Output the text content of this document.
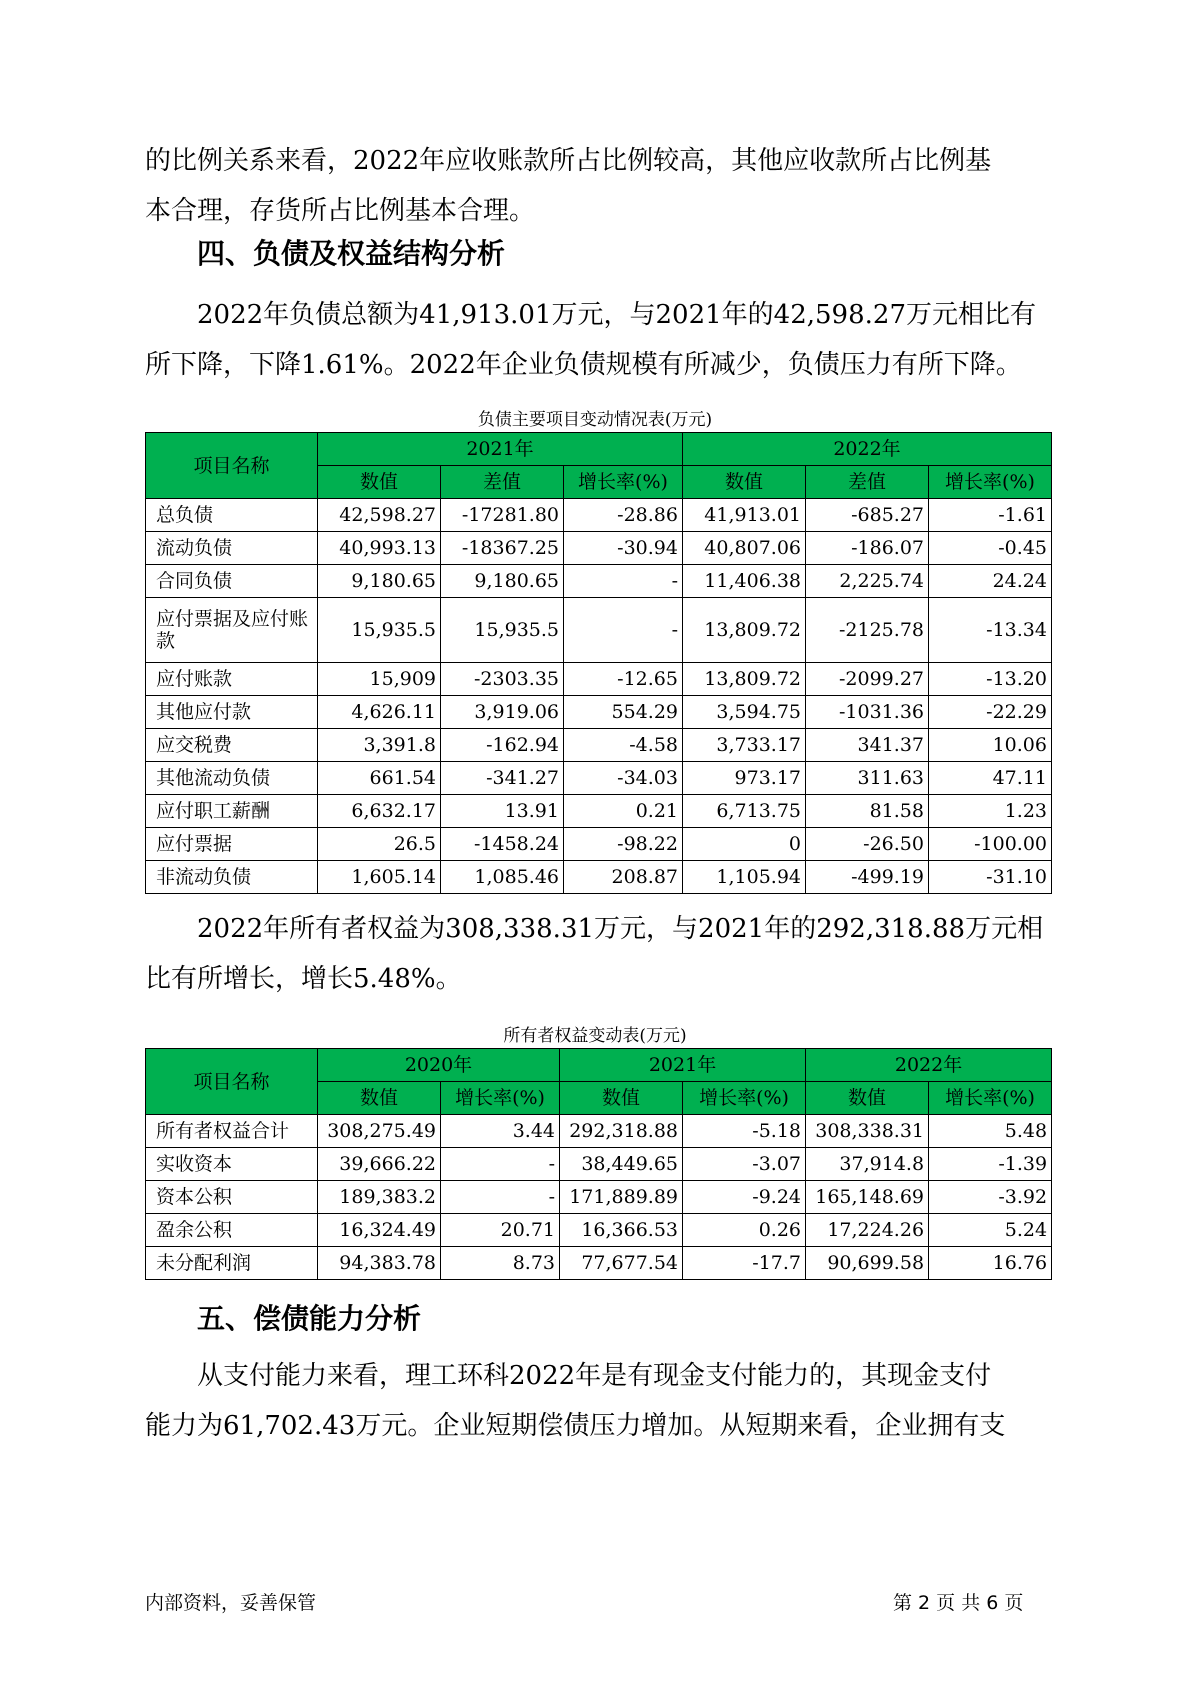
的比例关系来看，2022年应收账款所占比例较高，其他应收款所占比例基
本合理，存货所占比例基本合理。

四、负债及权益结构分析

2022年负债总额为41,913.01万元，与2021年的42,598.27万元相比有
所下降，下降1.61%。2022年企业负债规模有所减少，负债压力有所下降。

负债主要项目变动情况表(万元)

项目名称	2021年			2022年		
	数值	差值	增长率(%)	数值	差值	增长率(%)
总负债	42,598.27	-17281.80	-28.86	41,913.01	-685.27	-1.61
流动负债	40,993.13	-18367.25	-30.94	40,807.06	-186.07	-0.45
合同负债	9,180.65	9,180.65	-	11,406.38	2,225.74	24.24
应付票据及应付账款	15,935.5	15,935.5	-	13,809.72	-2125.78	-13.34
应付账款	15,909	-2303.35	-12.65	13,809.72	-2099.27	-13.20
其他应付款	4,626.11	3,919.06	554.29	3,594.75	-1031.36	-22.29
应交税费	3,391.8	-162.94	-4.58	3,733.17	341.37	10.06
其他流动负债	661.54	-341.27	-34.03	973.17	311.63	47.11
应付职工薪酬	6,632.17	13.91	0.21	6,713.75	81.58	1.23
应付票据	26.5	-1458.24	-98.22	0	-26.50	-100.00
非流动负债	1,605.14	1,085.46	208.87	1,105.94	-499.19	-31.10

2022年所有者权益为308,338.31万元，与2021年的292,318.88万元相
比有所增长，增长5.48%。

所有者权益变动表(万元)

项目名称	2020年		2021年		2022年	
	数值	增长率(%)	数值	增长率(%)	数值	增长率(%)
所有者权益合计	308,275.49	3.44	292,318.88	-5.18	308,338.31	5.48
实收资本	39,666.22	-	38,449.65	-3.07	37,914.8	-1.39
资本公积	189,383.2	-	171,889.89	-9.24	165,148.69	-3.92
盈余公积	16,324.49	20.71	16,366.53	0.26	17,224.26	5.24
未分配利润	94,383.78	8.73	77,677.54	-17.7	90,699.58	16.76
五、偿债能力分析

从支付能力来看，理工环科2022年是有现金支付能力的，其现金支付
能力为61,702.43万元。企业短期偿债压力增加。从短期来看，企业拥有支

内部资料，妥善保管	第 2 页 共 6 页
